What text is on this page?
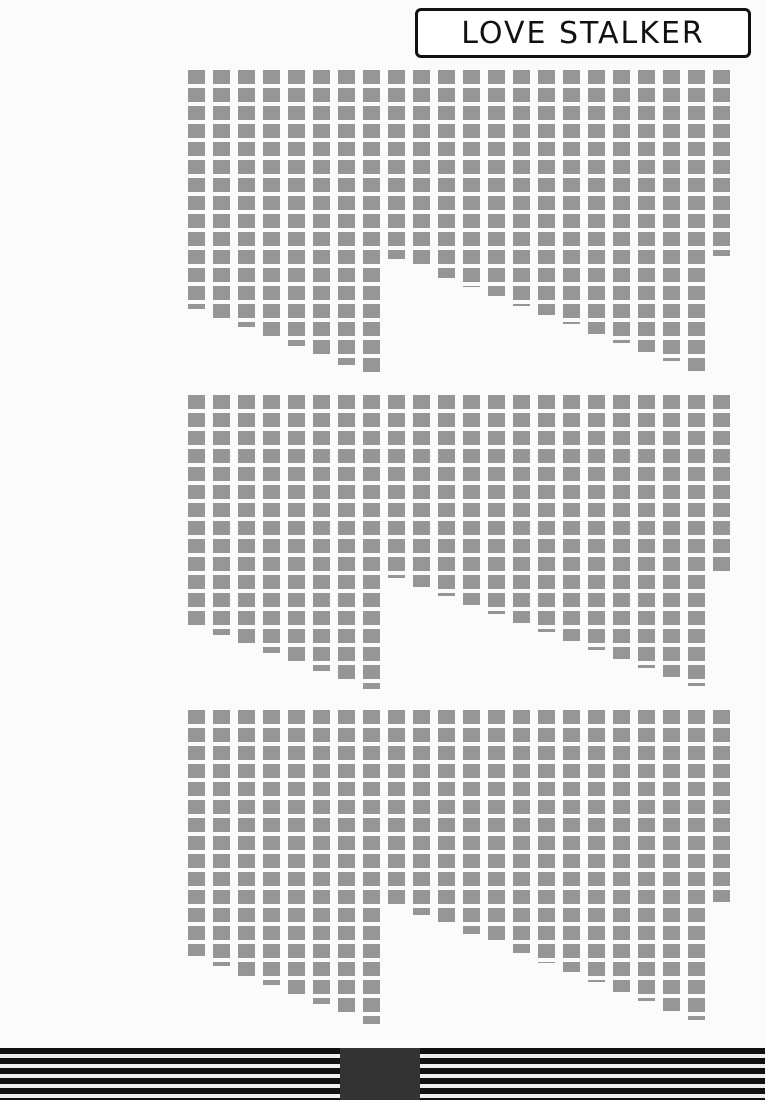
LOVE STALKER
